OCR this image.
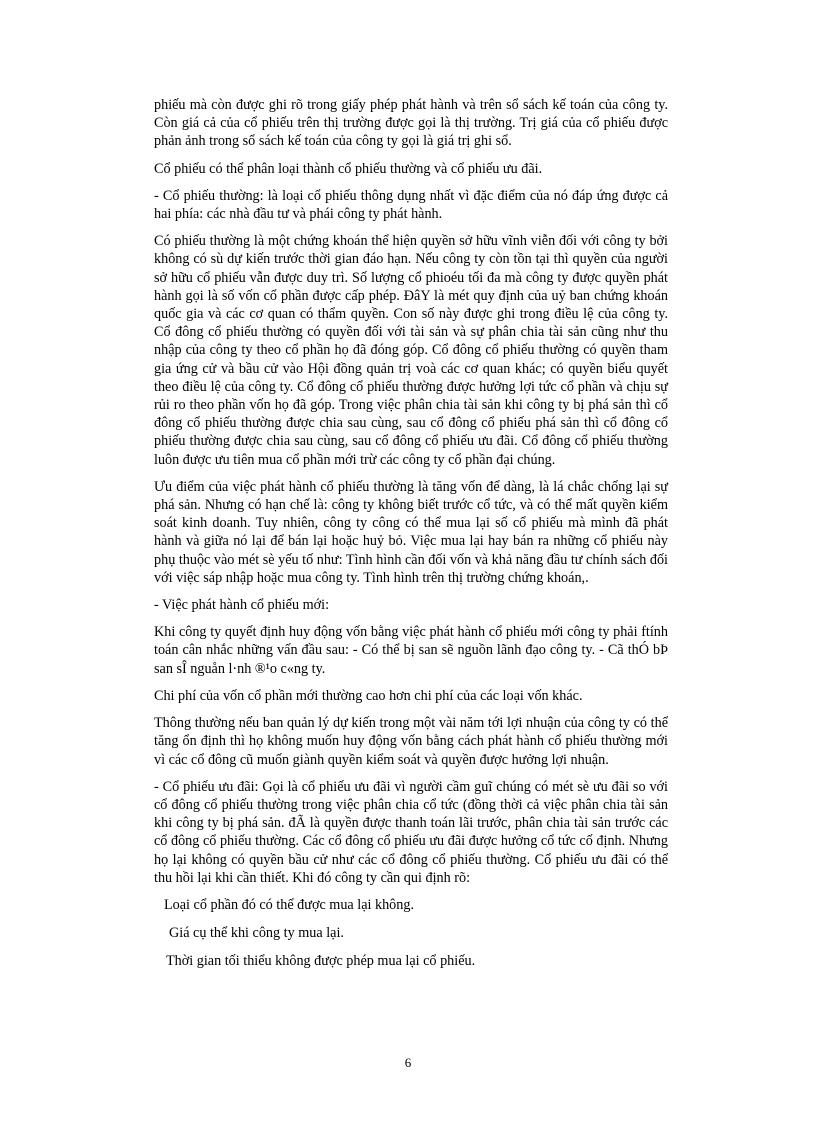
phiếu mà còn được ghi rõ trong giấy phép phát hành và trên sổ sách kế toán của công ty. Còn giá cả của cổ phiếu trên thị trường được gọi là thị trường. Trị giá của cổ phiếu được phản ảnh trong sổ sách kế toán của công ty gọi là giá trị ghi sổ.

Cổ phiếu có thể phân loại thành cổ phiếu thường và cổ phiếu ưu đãi.

- Cổ phiếu thường: là loại cổ phiếu thông dụng nhất vì đặc điểm của nó đáp ứng được cả hai phía: các nhà đầu tư và phái công ty phát hành.

Có phiếu thường là một chứng khoán thể hiện quyền sở hữu vĩnh viễn đối với công ty bởi không có sù dự kiến trước thời gian đáo hạn. Nếu công ty còn tồn tại thì quyền của người sở hữu cổ phiếu vẫn được duy trì. Số lượng cổ phioéu tối đa mà công ty được quyền phát hành gọi là số vốn cổ phần được cấp phép. ĐâY là mét quy định của uỷ ban chứng khoán quốc gia và các cơ quan có thẩm quyền. Con số này được ghi trong điều lệ của công ty. Cổ đông cổ phiếu thường có quyền đối với tài sản và sự phân chia tài sản cũng như thu nhập của công ty theo cổ phần họ đã đóng góp. Cổ đông cổ phiếu thường có quyền tham gia ứng cử và bầu cử vào Hội đồng quản trị voà các cơ quan khác; có quyền biểu quyết theo điều lệ của công ty. Cổ đông cổ phiếu thường được hưởng lợi tức cổ phần và chịu sự rủi ro theo phần vốn họ đã góp. Trong việc phân chia tài sản khi công ty bị phá sản thì cổ đông cổ phiếu thường được chia sau cùng, sau cổ đông cổ phiếu phá sản thì cổ đông cổ phiếu thường được chia sau cùng, sau cổ đông cổ phiếu ưu đãi. Cổ đông cổ phiếu thường luôn được ưu tiên mua cổ phần mới trừ các công ty cổ phần đại chúng.

Ưu điểm của việc phát hành cổ phiếu thường là tăng vốn để dàng, là lá chắc chống lại sự phá sản. Nhưng có hạn chế là: công ty không biết trước cổ tức, và có thể mất quyền kiểm soát kinh doanh. Tuy nhiên, công ty công có thể mua lại số cổ phiếu mà mình đã phát hành và giữa nó lại để bán lại hoặc huỷ bỏ. Việc mua lại hay bán ra những cổ phiếu này phụ thuộc vào mét sè yếu tố như: Tình hình cần đối vốn và khả năng đầu tư chính sách đối với việc sáp nhập hoặc mua công ty. Tình hình trên thị trường chứng khoán,.

- Việc phát hành cổ phiếu mới:

Khi công ty quyết định huy động vốn bằng việc phát hành cổ phiếu mới công ty phải ftính toán cân nhắc những vấn đầu sau: - Có thể bị san sẽ nguồn lãnh đạo công ty. - Cã thÓ bÞ san sÎ nguån l·nh ®¹o c«ng ty.

Chi phí của vốn cổ phần mới thường cao hơn chi phí của các loại vốn khác.

Thông thường nếu ban quản lý dự kiến trong một vài năm tới lợi nhuận của công ty có thể tăng ổn định thì họ không muốn huy động vốn bằng cách phát hành cổ phiếu thường mới vì các cổ đông cũ muốn giành quyền kiểm soát và quyền được hưởng lợi nhuận.

- Cổ phiếu ưu đãi: Gọi là cổ phiếu ưu đãi vì người cầm guĩ chúng có mét sè ưu đãi so với cổ đông cổ phiếu thường trong việc phân chia cổ tức (đồng thời cả việc phân chia tài sản khi công ty bị phá sản. đÃ là quyền được thanh toán lãi trước, phân chia tài sản trước các cổ đông cổ phiếu thường. Các cổ đông cổ phiếu ưu đãi được hưởng cổ tức cố định. Nhưng họ lại không có quyền bầu cử như các cổ đông cổ phiếu thường. Cổ phiếu ưu đãi có thể thu hồi lại khi cần thiết. Khi đó công ty cần qui định rõ:

Loại cổ phần đó có thể được mua lại không.
Giá cụ thể khi công ty mua lại.
Thời gian tối thiểu không được phép mua lại cổ phiếu.
6
